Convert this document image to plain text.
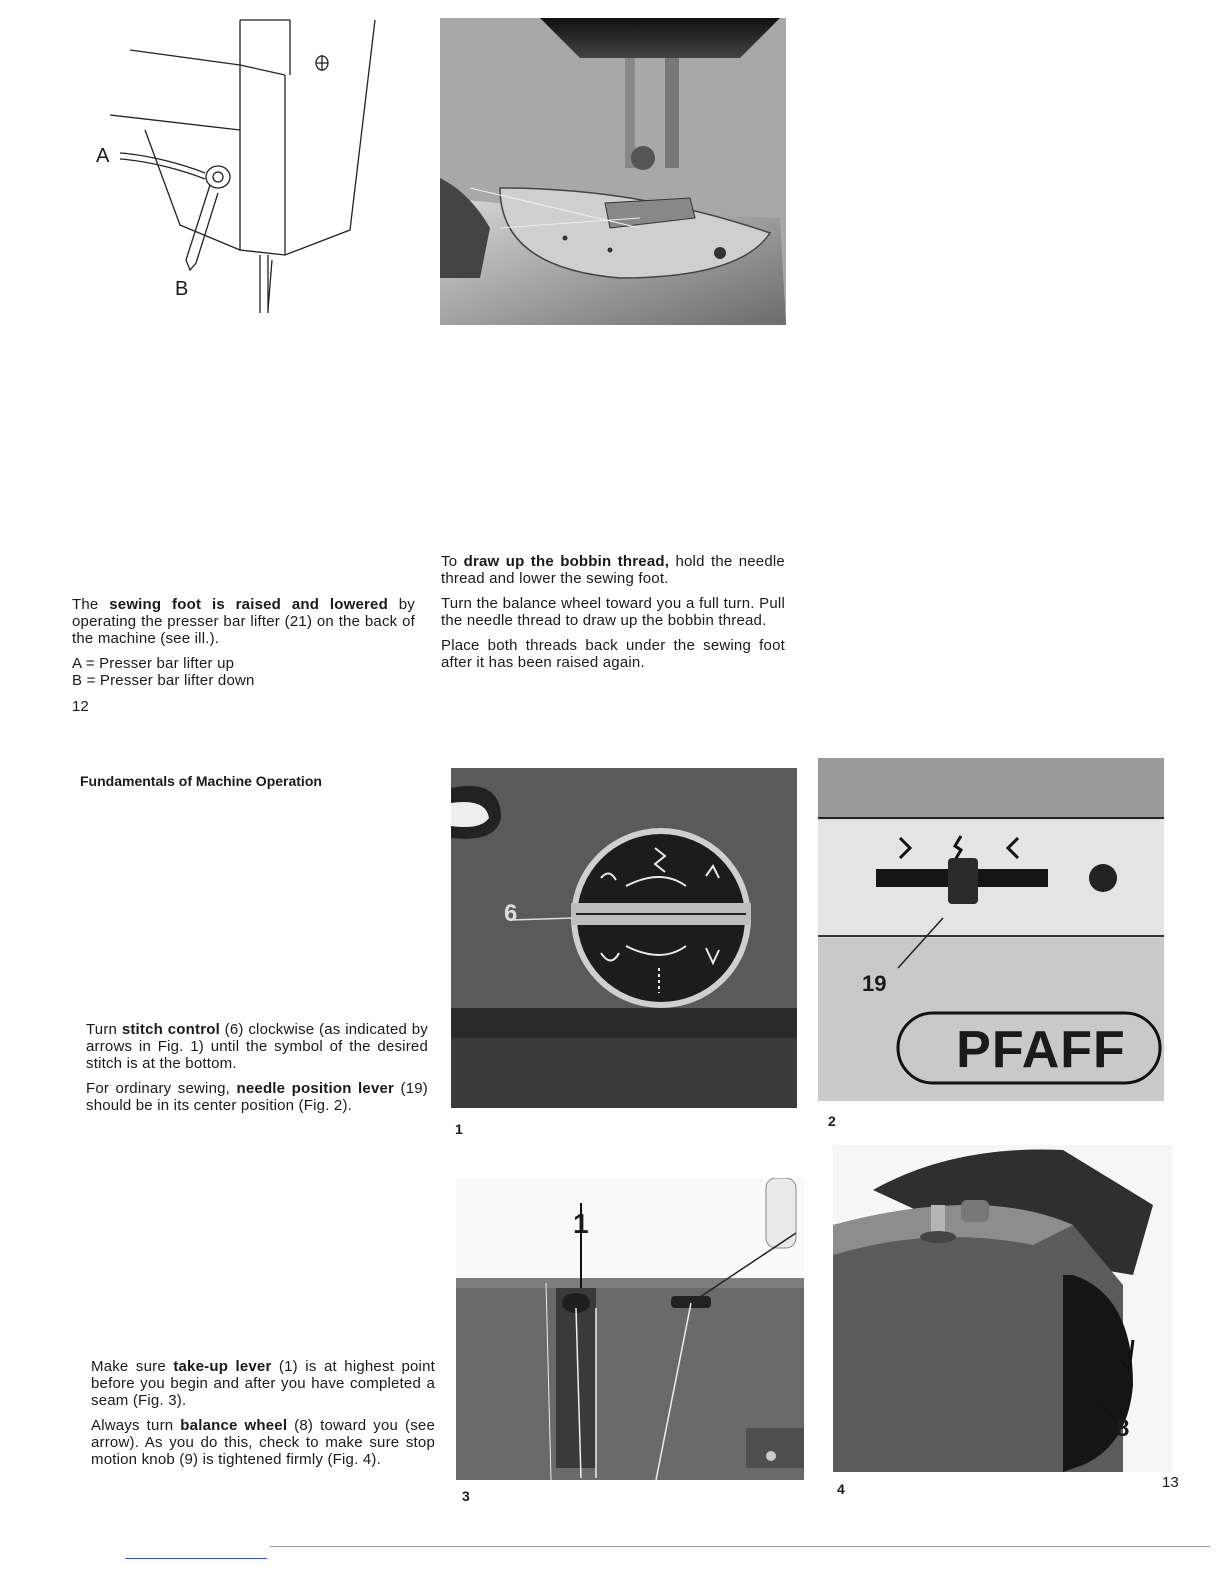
A
B

The sewing foot is raised and lowered by operating the presser bar lifter (21) on the back of the machine (see ill.).

A = Presser bar lifter up
B = Presser bar lifter down
12

To draw up the bobbin thread, hold the needle thread and lower the sewing foot.

Turn the balance wheel toward you a full turn. Pull the needle thread to draw up the bobbin thread.

Place both threads back under the sewing foot after it has been raised again.

Fundamentals of Machine Operation

Turn stitch control (6) clockwise (as indicated by arrows in Fig. 1) until the symbol of the desired stitch is at the bottom.

For ordinary sewing, needle position lever (19) should be in its center position (Fig. 2).

Make sure take-up lever (1) is at highest point before you begin and after you have completed a seam (Fig. 3).

Always turn balance wheel (8) toward you (see arrow). As you do this, check to make sure stop motion knob (9) is tightened firmly (Fig. 4).

6
1
19
PFAFF
2
1
3
8
4	13
